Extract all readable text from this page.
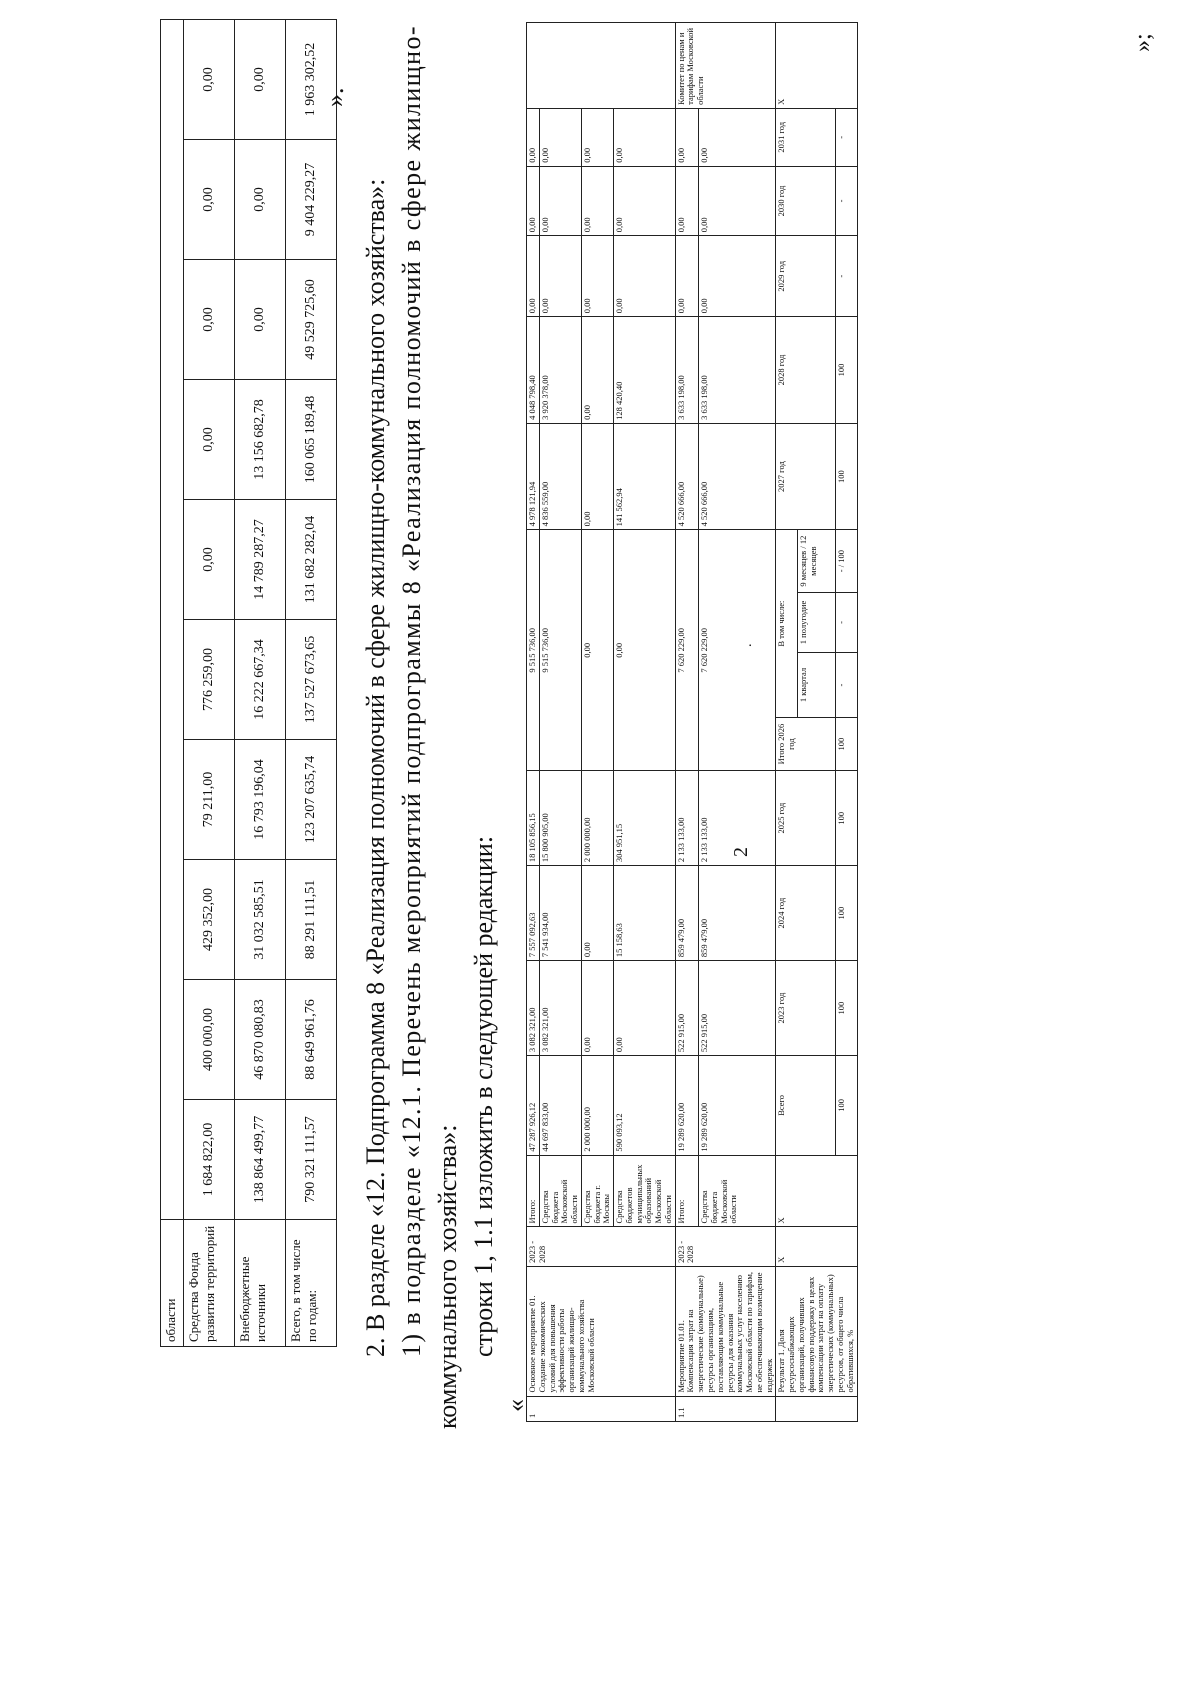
2
.
области										
Средства Фонда развития территорий	1 684 822,00	400 000,00	429 352,00	79 211,00	776 259,00	0,00	0,00	0,00	0,00	0,00
Внебюджетные источники	138 864 499,77	46 870 080,83	31 032 585,51	16 793 196,04	16 222 667,34	14 789 287,27	13 156 682,78	0,00	0,00	0,00
Всего, в том числе по годам:	790 321 111,57	88 649 961,76	88 291 111,51	123 207 635,74	137 527 673,65	131 682 282,04	160 065 189,48	49 529 725,60	9 404 229,27	1 963 302,52 ».
2. В разделе «12. Подпрограмма 8 «Реализация полномочий в сфере жилищно-коммунального хозяйства»: 1) в подразделе «12.1. Перечень мероприятий подпрограммы 8 «Реализация полномочий в сфере жилищно- коммунального хозяйства»: строки 1, 1.1 изложить в следующей редакции:
«
1	Основное мероприятие 01. Создание экономических условий для повышения эффективности работы организаций жилищно-коммунального хозяйства Московской области	2023 - 2028	Итого:	47 287 926,12	3 082 321,00	7 557 092,63	18 105 856,15	9 515 736,00				4 978 121,94	4 048 798,40	0,00	0,00	0,00	
			Средства бюджета Московской области	44 697 833,00	3 082 321,00	7 541 934,00	15 800 905,00	9 515 736,00				4 836 559,00	3 920 378,00	0,00	0,00	0,00	
			Средства бюджета г. Москвы	2 000 000,00	0,00	0,00	2 000 000,00	0,00				0,00	0,00	0,00	0,00	0,00	
			Средства бюджетов муниципальных образований Московской области	590 093,12	0,00	15 158,63	304 951,15	0,00				141 562,94	128 420,40	0,00	0,00	0,00	
1.1	Мероприятие 01.01. Компенсация затрат на энергетические (коммунальные) ресурсы организациям, поставляющим коммунальные ресурсы для оказания коммунальных услуг населению Московской области по тарифам, не обеспечивающим возмещение издержек	2023 - 2028	Итого:	19 289 620,00	522 915,00	859 479,00	2 133 133,00	7 620 229,00				4 520 666,00	3 633 198,00	0,00	0,00	0,00	Комитет по ценам и тарифам Московской области
			Средства бюджета Московской области	19 289 620,00	522 915,00	859 479,00	2 133 133,00	7 620 229,00				4 520 666,00	3 633 198,00	0,00	0,00	0,00	
	Результат 1. Доля ресурсоснабжающих организаций, получивших финансовую поддержку в целях компенсации затрат на оплату энергетических (коммунальных) ресурсов, от общего числа обратившихся, %	Х	Х	Всего	2023 год	2024 год	2025 год	Итого 2026 год	В том числе:			2027 год	2028 год	2029 год	2030 год	2031 год	Х
									1 квартал	1 полугодие	9 месяцев / 12 месяцев						
				100	100	100	100	100	-	-	- / 100	100	100	-	-	-	
»;
